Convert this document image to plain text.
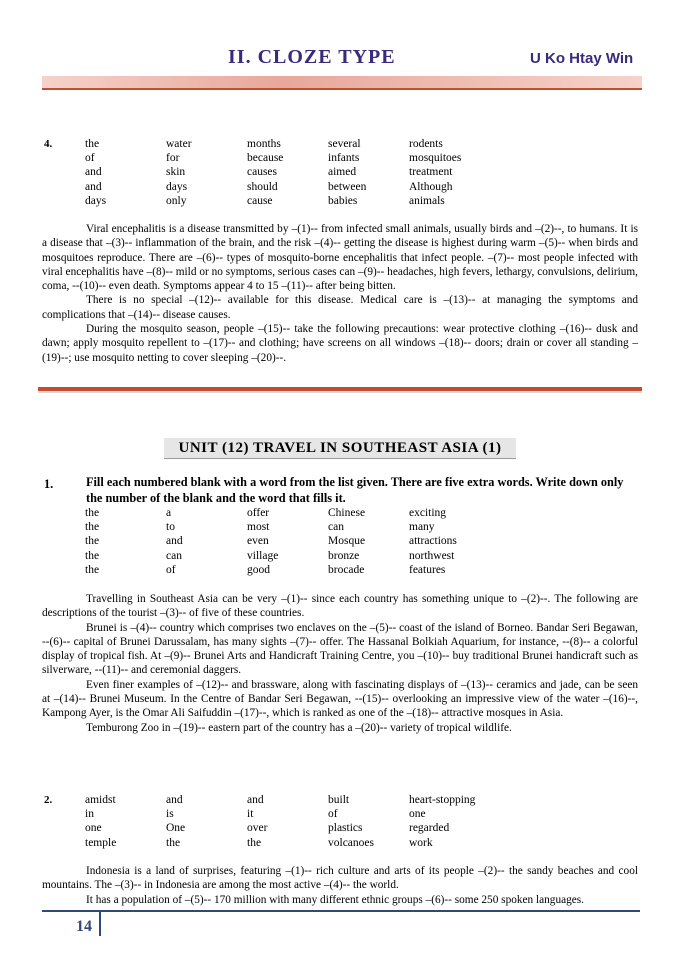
II. CLOZE TYPE	U Ko Htay Win
4.	the	water	months	several	rodents
of	for	because	infants	mosquitoes
and	skin	causes	aimed	treatment
and	days	should	between	Although
days	only	cause	babies	animals

Viral encephalitis is a disease transmitted by –(1)-- from infected small animals, usually birds and –(2)--, to humans. It is a disease that –(3)-- inflammation of the brain, and the risk –(4)-- getting the disease is highest during warm –(5)-- when birds and mosquitoes reproduce. There are –(6)-- types of mosquito-borne encephalitis that infect people. –(7)-- most people infected with viral encephalitis have –(8)-- mild or no symptoms, serious cases can –(9)-- headaches, high fevers, lethargy, convulsions, delirium, coma, --(10)-- even death. Symptoms appear 4 to 15 –(11)-- after being bitten.

There is no special –(12)-- available for this disease. Medical care is –(13)-- at managing the symptoms and complications that –(14)-- disease causes.

During the mosquito season, people –(15)-- take the following precautions: wear protective clothing –(16)-- dusk and dawn; apply mosquito repellent to –(17)-- and clothing; have screens on all windows –(18)-- doors; drain or cover all standing –(19)--; use mosquito netting to cover sleeping –(20)--.

UNIT (12) TRAVEL IN SOUTHEAST ASIA (1)
1.	Fill each numbered blank with a word from the list given. There are five extra words. Write down only the number of the blank and the word that fills it.
the	a	offer	Chinese	exciting
the	to	most	can	many
the	and	even	Mosque	attractions
the	can	village	bronze	northwest
the	of	good	brocade	features

Travelling in Southeast Asia can be very –(1)-- since each country has something unique to –(2)--. The following are descriptions of the tourist –(3)-- of five of these countries.

Brunei is –(4)-- country which comprises two enclaves on the –(5)-- coast of the island of Borneo. Bandar Seri Begawan, --(6)-- capital of Brunei Darussalam, has many sights –(7)-- offer. The Hassanal Bolkiah Aquarium, for instance, --(8)-- a colorful display of tropical fish. At –(9)-- Brunei Arts and Handicraft Training Centre, you –(10)-- buy traditional Brunei handicraft such as silverware, --(11)-- and ceremonial daggers.

Even finer examples of –(12)-- and brassware, along with fascinating displays of –(13)-- ceramics and jade, can be seen at –(14)-- Brunei Museum. In the Centre of Bandar Seri Begawan, --(15)-- overlooking an impressive view of the water –(16)--, Kampong Ayer, is the Omar Ali Saifuddin –(17)--, which is ranked as one of the –(18)-- attractive mosques in Asia.

Temburong Zoo in –(19)-- eastern part of the country has a –(20)-- variety of tropical wildlife.

2.	amidst	and	and	built	heart-stopping
in	is	it	of	one
one	One	over	plastics	regarded
temple	the	the	volcanoes	work

Indonesia is a land of surprises, featuring –(1)-- rich culture and arts of its people –(2)-- the sandy beaches and cool mountains. The –(3)-- in Indonesia are among the most active –(4)-- the world.

It has a population of –(5)-- 170 million with many different ethnic groups –(6)-- some 250 spoken languages.

14
